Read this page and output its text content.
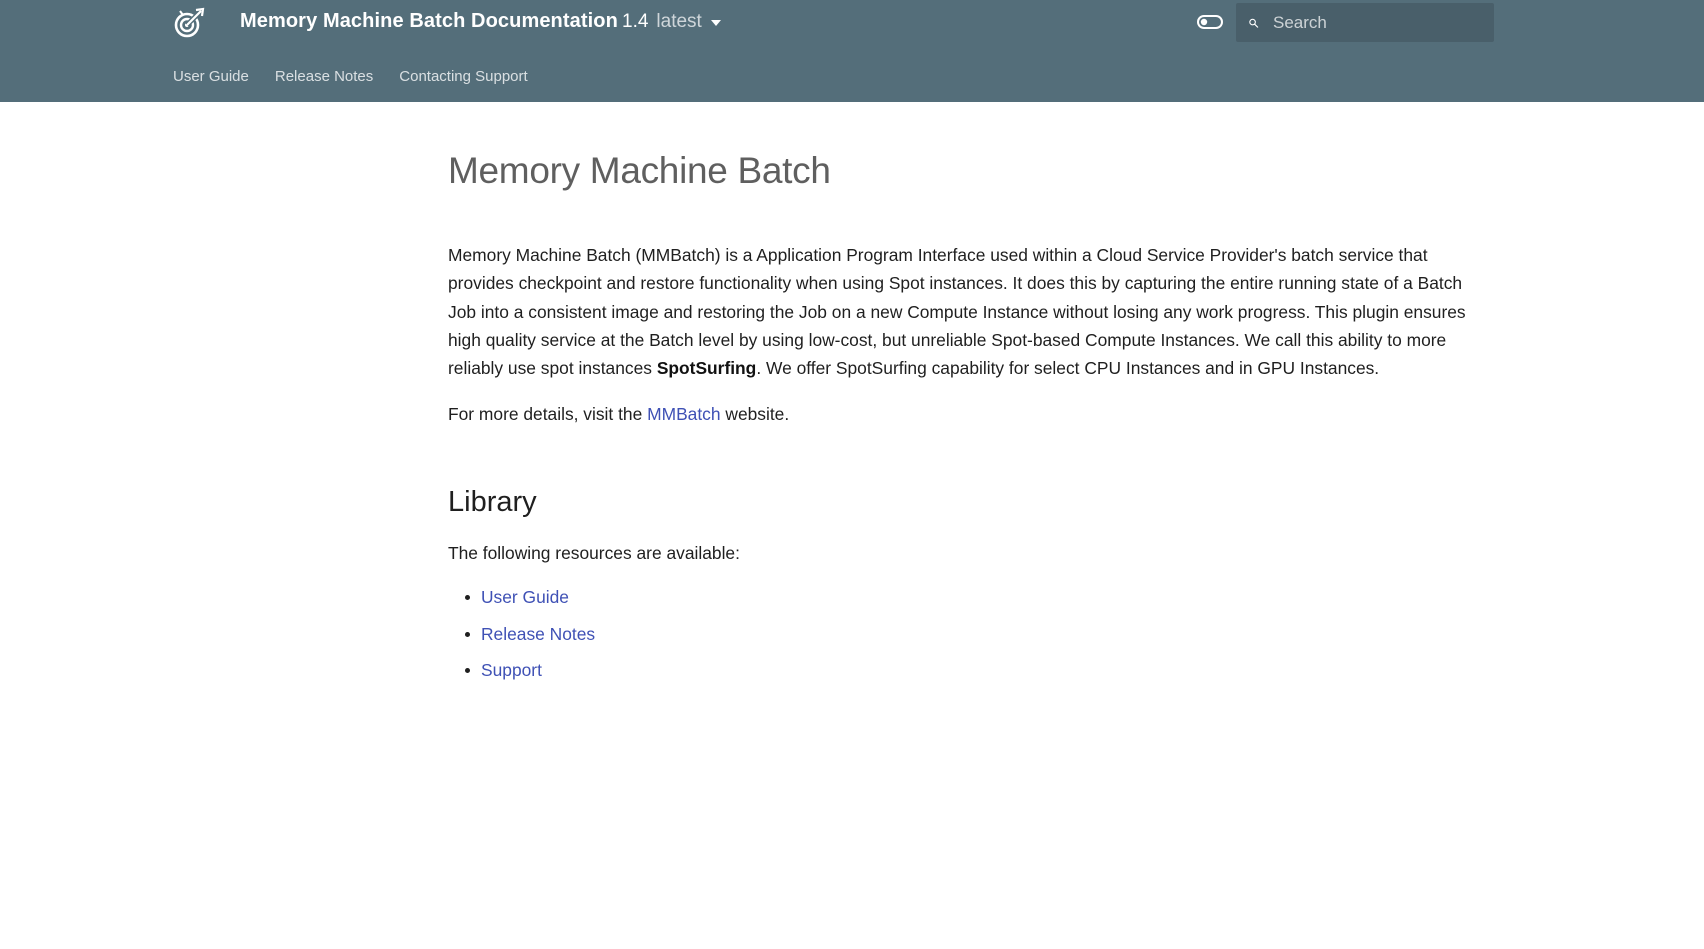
Memory Machine Batch Documentation 1.4 latest
Search
User Guide Release Notes Contacting Support
Memory Machine Batch

Memory Machine Batch (MMBatch) is a Application Program Interface used within a Cloud Service Provider's batch service that provides checkpoint and restore functionality when using Spot instances. It does this by capturing the entire running state of a Batch Job into a consistent image and restoring the Job on a new Compute Instance without losing any work progress. This plugin ensures high quality service at the Batch level by using low-cost, but unreliable Spot-based Compute Instances. We call this ability to more reliably use spot instances SpotSurfing. We offer SpotSurfing capability for select CPU Instances and in GPU Instances.

For more details, visit the MMBatch website.

Library

The following resources are available:

User Guide
Release Notes
Support
